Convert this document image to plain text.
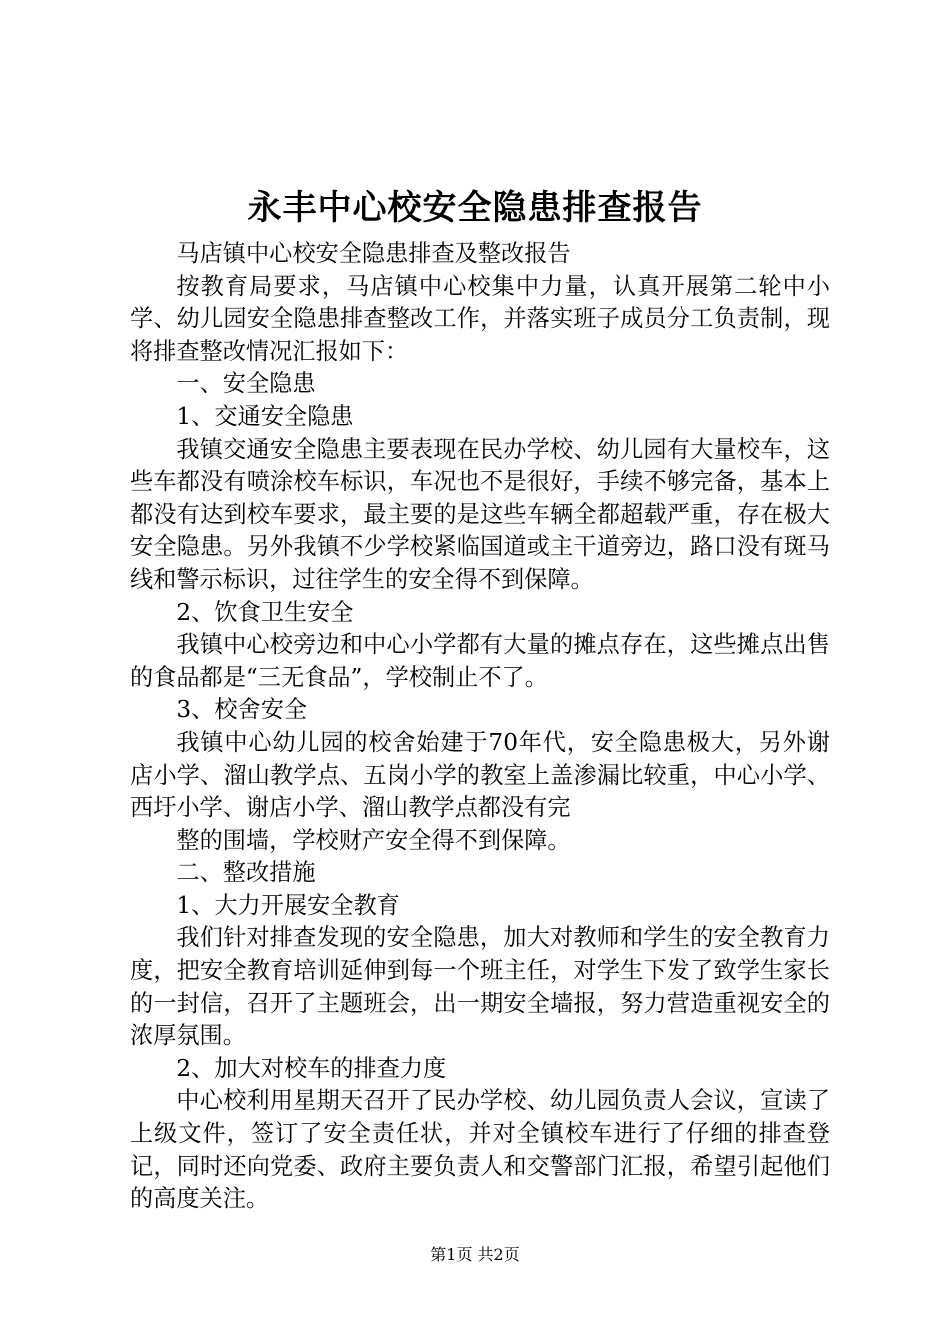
永丰中心校安全隐患排查报告

马店镇中心校安全隐患排查及整改报告

按教育局要求，马店镇中心校集中力量，认真开展第二轮中小学、幼儿园安全隐患排查整改工作，并落实班子成员分工负责制，现将排查整改情况汇报如下：

一、安全隐患

1、交通安全隐患

我镇交通安全隐患主要表现在民办学校、幼儿园有大量校车，这些车都没有喷涂校车标识，车况也不是很好，手续不够完备，基本上都没有达到校车要求，最主要的是这些车辆全都超载严重，存在极大安全隐患。另外我镇不少学校紧临国道或主干道旁边，路口没有斑马线和警示标识，过往学生的安全得不到保障。

2、饮食卫生安全

我镇中心校旁边和中心小学都有大量的摊点存在，这些摊点出售的食品都是“三无食品”，学校制止不了。

3、校舍安全

我镇中心幼儿园的校舍始建于70年代，安全隐患极大，另外谢店小学、溜山教学点、五岗小学的教室上盖渗漏比较重，中心小学、西圩小学、谢店小学、溜山教学点都没有完

整的围墙，学校财产安全得不到保障。

二、整改措施

1、大力开展安全教育

我们针对排查发现的安全隐患，加大对教师和学生的安全教育力度，把安全教育培训延伸到每一个班主任，对学生下发了致学生家长的一封信，召开了主题班会，出一期安全墙报，努力营造重视安全的浓厚氛围。

2、加大对校车的排查力度

中心校利用星期天召开了民办学校、幼儿园负责人会议，宣读了上级文件，签订了安全责任状，并对全镇校车进行了仔细的排查登记，同时还向党委、政府主要负责人和交警部门汇报，希望引起他们的高度关注。

第1页 共2页
